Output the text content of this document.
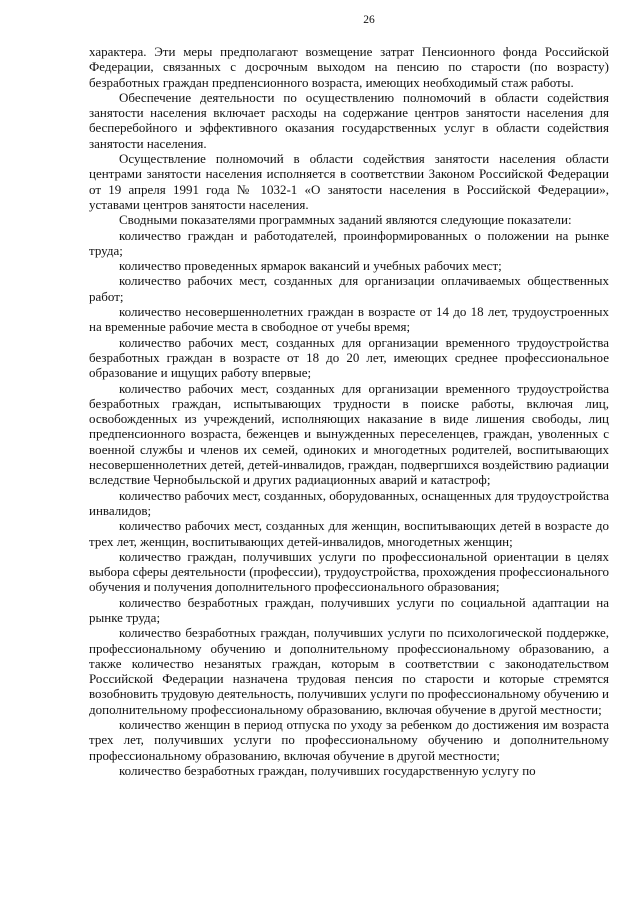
26

характера. Эти меры предполагают возмещение затрат Пенсионного фонда Российской Федерации, связанных с досрочным выходом на пенсию по старости (по возрасту) безработных граждан предпенсионного возраста, имеющих необходимый стаж работы.

Обеспечение деятельности по осуществлению полномочий в области содействия занятости населения включает расходы на содержание центров занятости населения для бесперебойного и эффективного оказания государственных услуг в области содействия занятости населения.

Осуществление полномочий в области содействия занятости населения области центрами занятости населения исполняется в соответствии Законом Российской Федерации от 19 апреля 1991 года № 1032-1 «О занятости населения в Российской Федерации», уставами центров занятости населения.

Сводными показателями программных заданий являются следующие показатели:

количество граждан и работодателей, проинформированных о положении на рынке труда;

количество проведенных ярмарок вакансий и учебных рабочих мест;

количество рабочих мест, созданных для организации оплачиваемых общественных работ;

количество несовершеннолетних граждан в возрасте от 14 до 18 лет, трудоустроенных на временные рабочие места в свободное от учебы время;

количество рабочих мест, созданных для организации временного трудоустройства безработных граждан в возрасте от 18 до 20 лет, имеющих среднее профессиональное образование и ищущих работу впервые;

количество рабочих мест, созданных для организации временного трудоустройства безработных граждан, испытывающих трудности в поиске работы, включая лиц, освобожденных из учреждений, исполняющих наказание в виде лишения свободы, лиц предпенсионного возраста, беженцев и вынужденных переселенцев, граждан, уволенных с военной службы и членов их семей, одиноких и многодетных родителей, воспитывающих несовершеннолетних детей, детей-инвалидов, граждан, подвергшихся воздействию радиации вследствие Чернобыльской и других радиационных аварий и катастроф;

количество рабочих мест, созданных, оборудованных, оснащенных для трудоустройства инвалидов;

количество рабочих мест, созданных для женщин, воспитывающих детей в возрасте до трех лет, женщин, воспитывающих детей-инвалидов, многодетных женщин;

количество граждан, получивших услуги по профессиональной ориентации в целях выбора сферы деятельности (профессии), трудоустройства, прохождения профессионального обучения и получения дополнительного профессионального образования;

количество безработных граждан, получивших услуги по социальной адаптации на рынке труда;

количество безработных граждан, получивших услуги по психологической поддержке, профессиональному обучению и дополнительному профессиональному образованию, а также количество незанятых граждан, которым в соответствии с законодательством Российской Федерации назначена трудовая пенсия по старости и которые стремятся возобновить трудовую деятельность, получивших услуги по профессиональному обучению и дополнительному профессиональному образованию, включая обучение в другой местности;

количество женщин в период отпуска по уходу за ребенком до достижения им возраста трех лет, получивших услуги по профессиональному обучению и дополнительному профессиональному образованию, включая обучение в другой местности;

количество безработных граждан, получивших государственную услугу по
